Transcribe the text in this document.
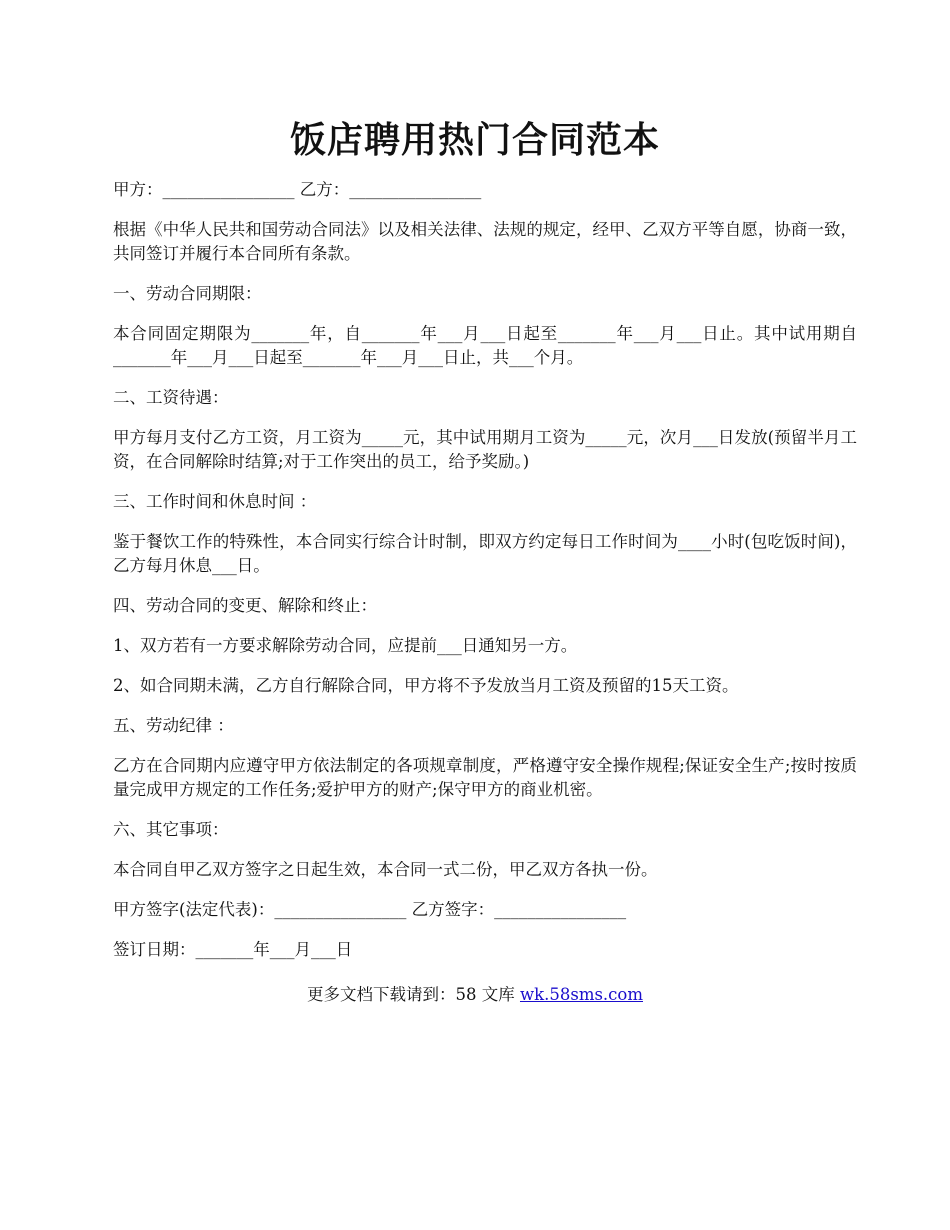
饭店聘用热门合同范本

甲方：________________ 乙方：________________

根据《中华人民共和国劳动合同法》以及相关法律、法规的规定，经甲、乙双方平等自愿，协商一致，共同签订并履行本合同所有条款。

一、劳动合同期限：

本合同固定期限为_______年，自_______年___月___日起至_______年___月___日止。其中试用期自_______年___月___日起至_______年___月___日止，共___个月。

二、工资待遇：

甲方每月支付乙方工资，月工资为_____元，其中试用期月工资为_____元，次月___日发放(预留半月工资，在合同解除时结算;对于工作突出的员工，给予奖励。)

三、工作时间和休息时间 ：

鉴于餐饮工作的特殊性，本合同实行综合计时制，即双方约定每日工作时间为____小时(包吃饭时间)，乙方每月休息___日。

四、劳动合同的变更、解除和终止：

1、双方若有一方要求解除劳动合同，应提前___日通知另一方。

2、如合同期未满，乙方自行解除合同，甲方将不予发放当月工资及预留的15天工资。

五、劳动纪律 ：

乙方在合同期内应遵守甲方依法制定的各项规章制度，严格遵守安全操作规程;保证安全生产;按时按质量完成甲方规定的工作任务;爱护甲方的财产;保守甲方的商业机密。

六、其它事项：

本合同自甲乙双方签字之日起生效，本合同一式二份，甲乙双方各执一份。

甲方签字(法定代表)：________________ 乙方签字：________________

签订日期：_______年___月___日

更多文档下载请到：58 文库 wk.58sms.com
